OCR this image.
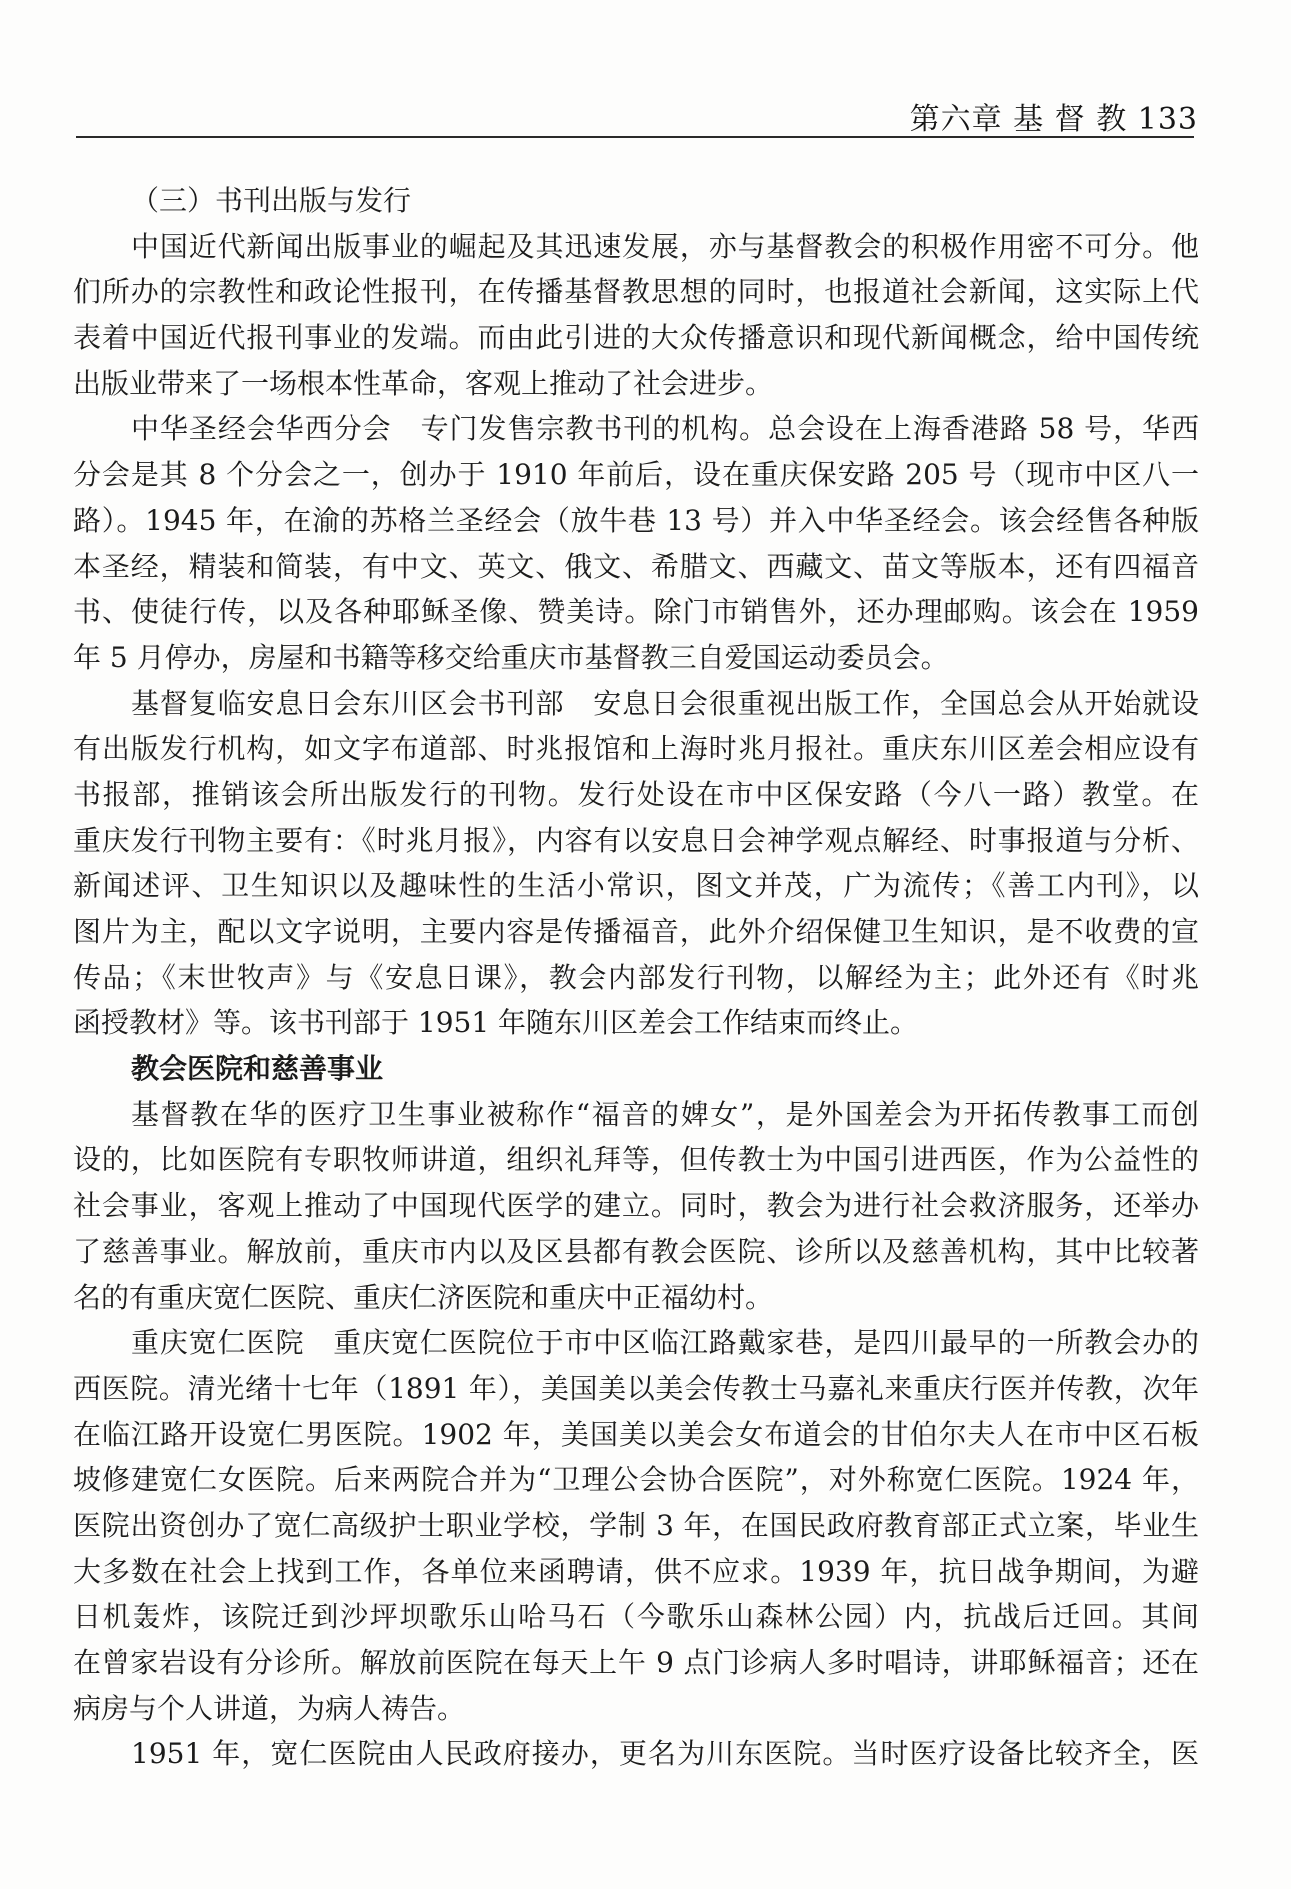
第六章 基 督 教 133
（三）书刊出版与发行
中国近代新闻出版事业的崛起及其迅速发展，亦与基督教会的积极作用密不可分。他
们所办的宗教性和政论性报刊，在传播基督教思想的同时，也报道社会新闻，这实际上代
表着中国近代报刊事业的发端。而由此引进的大众传播意识和现代新闻概念，给中国传统
出版业带来了一场根本性革命，客观上推动了社会进步。
中华圣经会华西分会　专门发售宗教书刊的机构。总会设在上海香港路 58 号，华西
分会是其 8 个分会之一，创办于 1910 年前后，设在重庆保安路 205 号（现市中区八一
路）。1945 年，在渝的苏格兰圣经会（放牛巷 13 号）并入中华圣经会。该会经售各种版
本圣经，精装和简装，有中文、英文、俄文、希腊文、西藏文、苗文等版本，还有四福音
书、使徒行传，以及各种耶稣圣像、赞美诗。除门市销售外，还办理邮购。该会在 1959
年 5 月停办，房屋和书籍等移交给重庆市基督教三自爱国运动委员会。
基督复临安息日会东川区会书刊部　安息日会很重视出版工作，全国总会从开始就设
有出版发行机构，如文字布道部、时兆报馆和上海时兆月报社。重庆东川区差会相应设有
书报部，推销该会所出版发行的刊物。发行处设在市中区保安路（今八一路）教堂。在
重庆发行刊物主要有：《时兆月报》，内容有以安息日会神学观点解经、时事报道与分析、
新闻述评、卫生知识以及趣味性的生活小常识，图文并茂，广为流传；《善工内刊》，以
图片为主，配以文字说明，主要内容是传播福音，此外介绍保健卫生知识，是不收费的宣
传品；《末世牧声》与《安息日课》，教会内部发行刊物，以解经为主；此外还有《时兆
函授教材》等。该书刊部于 1951 年随东川区差会工作结束而终止。
教会医院和慈善事业
基督教在华的医疗卫生事业被称作“福音的婢女”，是外国差会为开拓传教事工而创
设的，比如医院有专职牧师讲道，组织礼拜等，但传教士为中国引进西医，作为公益性的
社会事业，客观上推动了中国现代医学的建立。同时，教会为进行社会救济服务，还举办
了慈善事业。解放前，重庆市内以及区县都有教会医院、诊所以及慈善机构，其中比较著
名的有重庆宽仁医院、重庆仁济医院和重庆中正福幼村。
重庆宽仁医院　重庆宽仁医院位于市中区临江路戴家巷，是四川最早的一所教会办的
西医院。清光绪十七年（1891 年），美国美以美会传教士马嘉礼来重庆行医并传教，次年
在临江路开设宽仁男医院。1902 年，美国美以美会女布道会的甘伯尔夫人在市中区石板
坡修建宽仁女医院。后来两院合并为“卫理公会协合医院”，对外称宽仁医院。1924 年，
医院出资创办了宽仁高级护士职业学校，学制 3 年，在国民政府教育部正式立案，毕业生
大多数在社会上找到工作，各单位来函聘请，供不应求。1939 年，抗日战争期间，为避
日机轰炸，该院迁到沙坪坝歌乐山哈马石（今歌乐山森林公园）内，抗战后迁回。其间
在曾家岩设有分诊所。解放前医院在每天上午 9 点门诊病人多时唱诗，讲耶稣福音；还在
病房与个人讲道，为病人祷告。
1951 年，宽仁医院由人民政府接办，更名为川东医院。当时医疗设备比较齐全，医
